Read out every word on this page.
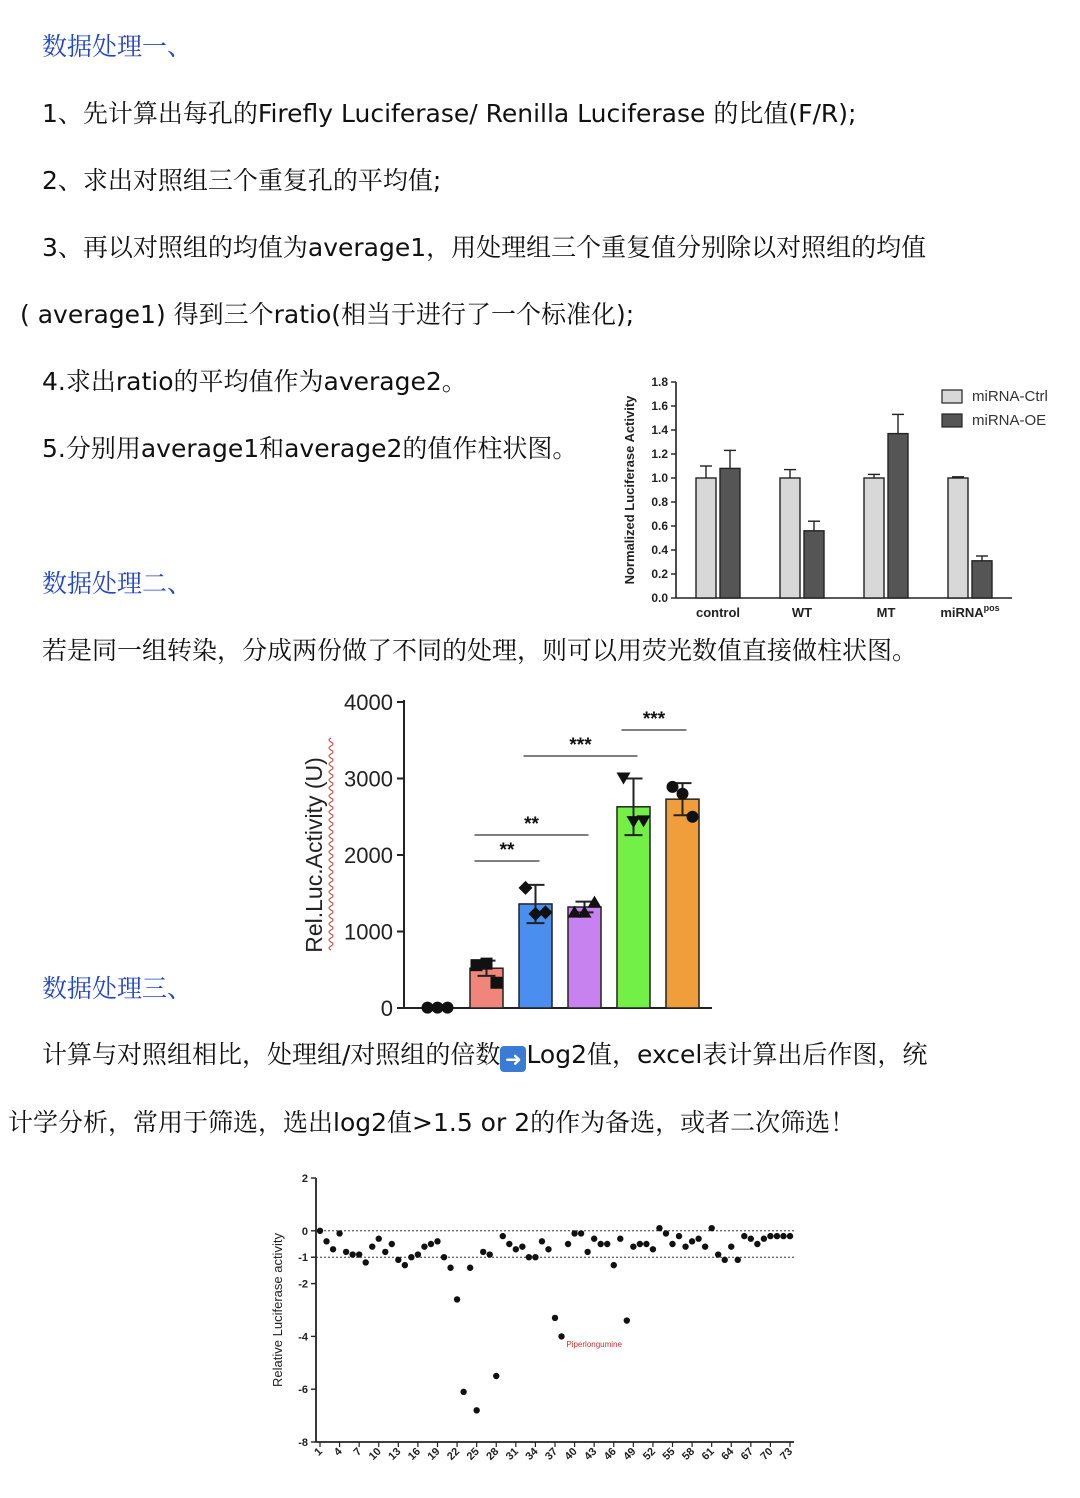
数据处理一、
1、先计算出每孔的Firefly Luciferase/ Renilla Luciferase 的比值(F/R);
2、求出对照组三个重复孔的平均值;
3、再以对照组的均值为average1，用处理组三个重复值分别除以对照组的均值
( average1) 得到三个ratio(相当于进行了一个标准化);
4.求出ratio的平均值作为average2。
5.分别用average1和average2的值作柱状图。
0.0
0.2
0.4
0.6
0.8
1.0
1.2
1.4
1.6
1.8
Normalized Luciferase Activity
control	WT	MT	miRNA$^{pos}$
miRNA-Ctrl
miRNA-OE
数据处理二、
若是同一组转染，分成两份做了不同的处理，则可以用荧光数值直接做柱状图。
0
1000
2000
3000
4000
Rel.Luc.Activity (U)	**
**
***
***
数据处理三、
计算与对照组相比，处理组/对照组的倍数 ➜ Log2值，excel表计算出后作图，统
计学分析，常用于筛选，选出log2值>1.5 or 2的作为备选，或者二次筛选！
-8
-6
-4
-2
-1
0
2
Relative Luciferase activity
1 4 7 10 13 16 19 22 25 28 31 34 37 40 43 46 49 52 55 58 61 64 67 70 73
Piperlongumine
